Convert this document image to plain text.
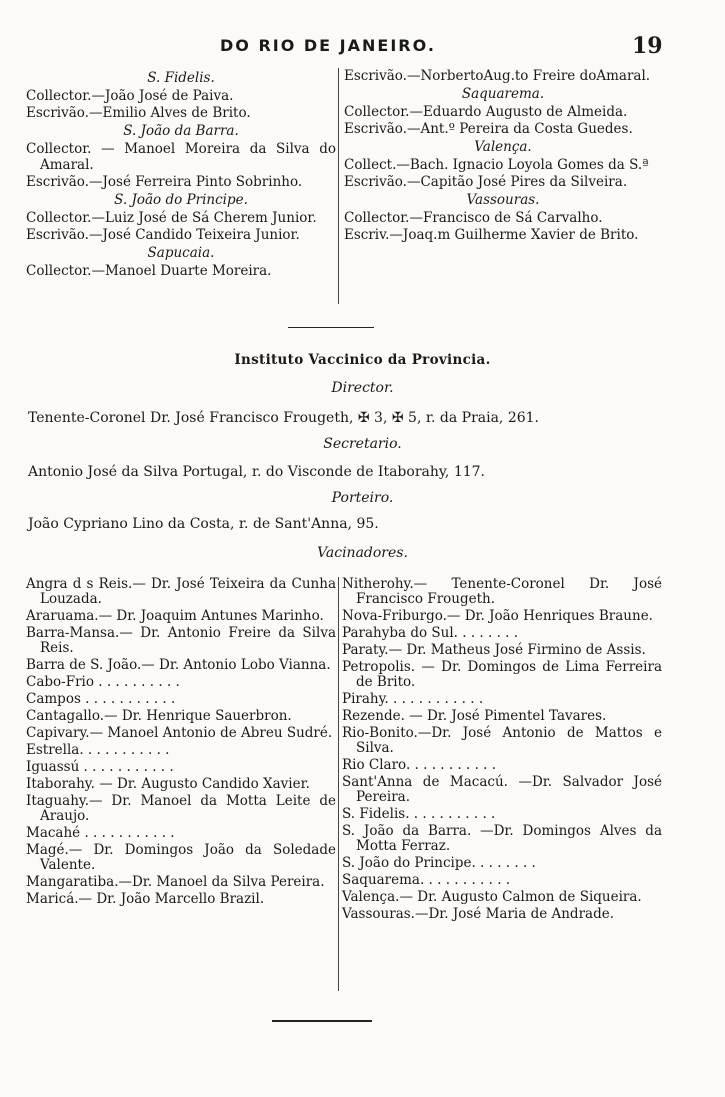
DO RIO DE JANEIRO.	19
S. Fidelis.
Collector.—João José de Paiva.
Escrivão.—Emilio Alves de Brito.
S. João da Barra.
Collector. — Manoel Moreira da Silva do Amaral.
Escrivão.—José Ferreira Pinto Sobrinho.
S. João do Principe.
Collector.—Luiz José de Sá Cherem Junior.
Escrivão.—José Candido Teixeira Junior.
Sapucaia.
Collector.—Manoel Duarte Moreira.
Escrivão.—NorbertoAug.to Freire doAmaral.
Saquarema.
Collector.—Eduardo Augusto de Almeida.
Escrivão.—Ant.º Pereira da Costa Guedes.
Valença.
Collect.—Bach. Ignacio Loyola Gomes da S.ª
Escrivão.—Capitão José Pires da Silveira.
Vassouras.
Collector.—Francisco de Sá Carvalho.
Escriv.—Joaq.m Guilherme Xavier de Brito.
Instituto Vaccinico da Provincia.
Director.
Tenente-Coronel Dr. José Francisco Frougeth, ✠ 3, ✠ 5, r. da Praia, 261.
Secretario.
Antonio José da Silva Portugal, r. do Visconde de Itaborahy, 117.
Porteiro.
João Cypriano Lino da Costa, r. de Sant'Anna, 95.
Vacinadores.
Angra d s Reis.— Dr. José Teixeira da Cunha Louzada.
Araruama.— Dr. Joaquim Antunes Marinho.
Barra-Mansa.— Dr. Antonio Freire da Silva Reis.
Barra de S. João.— Dr. Antonio Lobo Vianna.
Cabo-Frio . . . . . . . . . .
Campos . . . . . . . . . . .
Cantagallo.— Dr. Henrique Sauerbron.
Capivary.— Manoel Antonio de Abreu Sudré.
Estrella. . . . . . . . . . .
Iguassú . . . . . . . . . . .
Itaborahy. — Dr. Augusto Candido Xavier.
Itaguahy.— Dr. Manoel da Motta Leite de Araujo.
Macahé . . . . . . . . . . .
Magé.— Dr. Domingos João da Soledade Valente.
Mangaratiba.—Dr. Manoel da Silva Pereira.
Maricá.— Dr. João Marcello Brazil.
Nitherohy.— Tenente-Coronel Dr. José Francisco Frougeth.
Nova-Friburgo.— Dr. João Henriques Braune.
Parahyba do Sul. . . . . . . .
Paraty.— Dr. Matheus José Firmino de Assis.
Petropolis. — Dr. Domingos de Lima Ferreira de Brito.
Pirahy. . . . . . . . . . . .
Rezende. — Dr. José Pimentel Tavares.
Rio-Bonito.—Dr. José Antonio de Mattos e Silva.
Rio Claro. . . . . . . . . . .
Sant'Anna de Macacú. —Dr. Salvador José Pereira.
S. Fidelis. . . . . . . . . . .
S. João da Barra. —Dr. Domingos Alves da Motta Ferraz.
S. João do Principe. . . . . . . .
Saquarema. . . . . . . . . . .
Valença.— Dr. Augusto Calmon de Siqueira.
Vassouras.—Dr. José Maria de Andrade.
